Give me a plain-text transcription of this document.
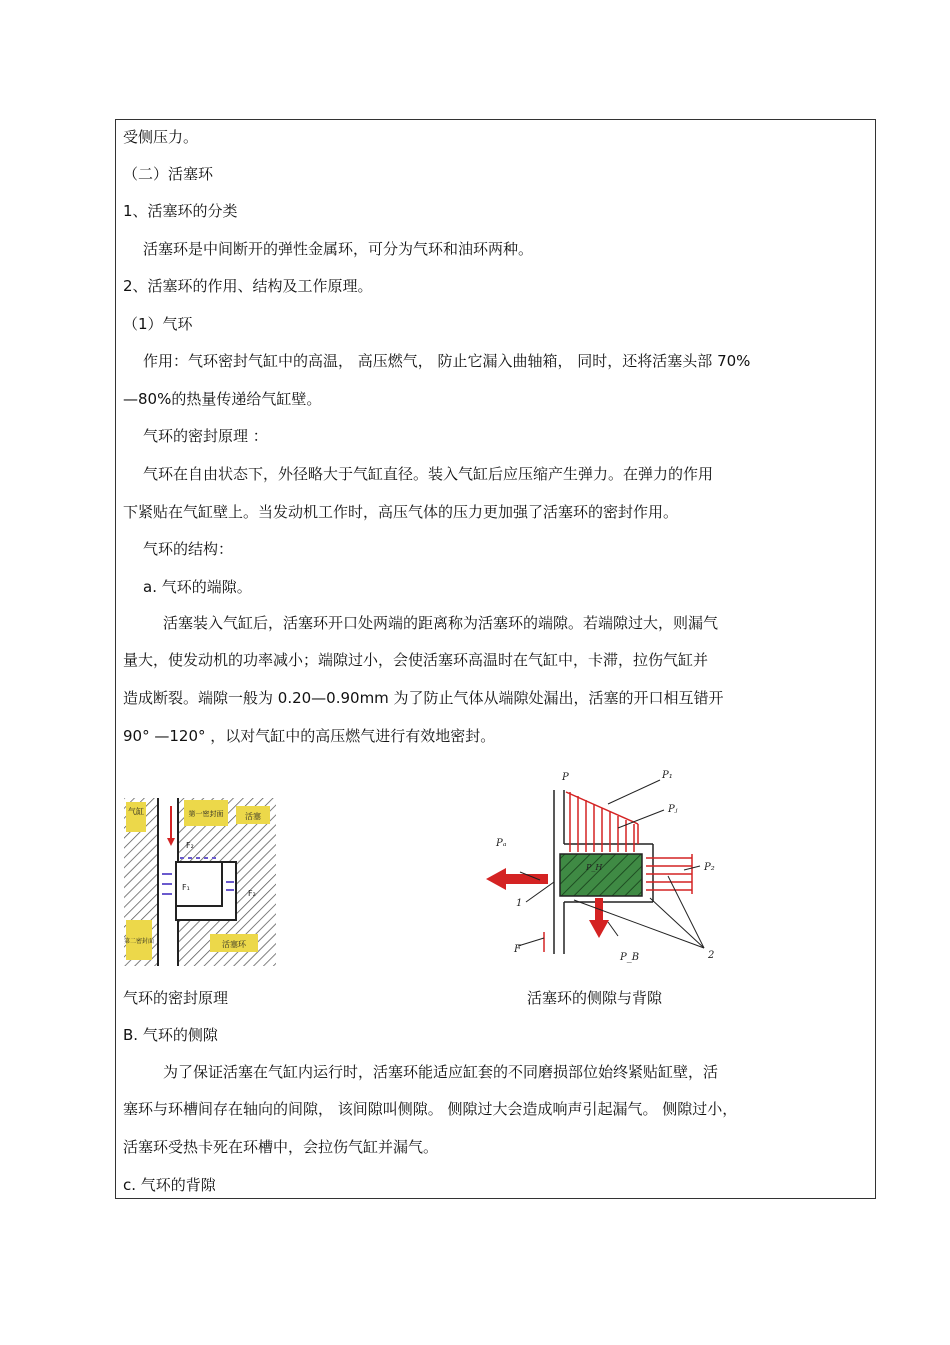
受侧压力。
（二）活塞环
1、活塞环的分类
活塞环是中间断开的弹性金属环，可分为气环和油环两种。
2、活塞环的作用、结构及工作原理。
（1）气环
作用：气环密封气缸中的高温， 高压燃气， 防止它漏入曲轴箱， 同时，还将活塞头部 70%
—80%的热量传递给气缸壁。
气环的密封原理 ：
气环在自由状态下，外径略大于气缸直径。装入气缸后应压缩产生弹力。在弹力的作用
下紧贴在气缸壁上。当发动机工作时，高压气体的压力更加强了活塞环的密封作用。
气环的结构：
a. 气环的端隙。
活塞装入气缸后，活塞环开口处两端的距离称为活塞环的端隙。若端隙过大，则漏气
量大，使发动机的功率减小；端隙过小，会使活塞环高温时在气缸中，卡滞，拉伤气缸并
造成断裂。端隙一般为 0.20—0.90mm 为了防止气体从端隙处漏出，活塞的开口相互错开
90° —120° ，以对气缸中的高压燃气进行有效地密封。
气缸	第一密封面	活塞
F₂
F₁
F₂
第二密封面	活塞环
P	P₁
Pⱼ
Pₐ
P₂
P_H
1
F
P_B	2
气环的密封原理	活塞环的侧隙与背隙
B. 气环的侧隙
为了保证活塞在气缸内运行时，活塞环能适应缸套的不同磨损部位始终紧贴缸壁，活
塞环与环槽间存在轴向的间隙， 该间隙叫侧隙。 侧隙过大会造成响声引起漏气。 侧隙过小，
活塞环受热卡死在环槽中，会拉伤气缸并漏气。
c. 气环的背隙
